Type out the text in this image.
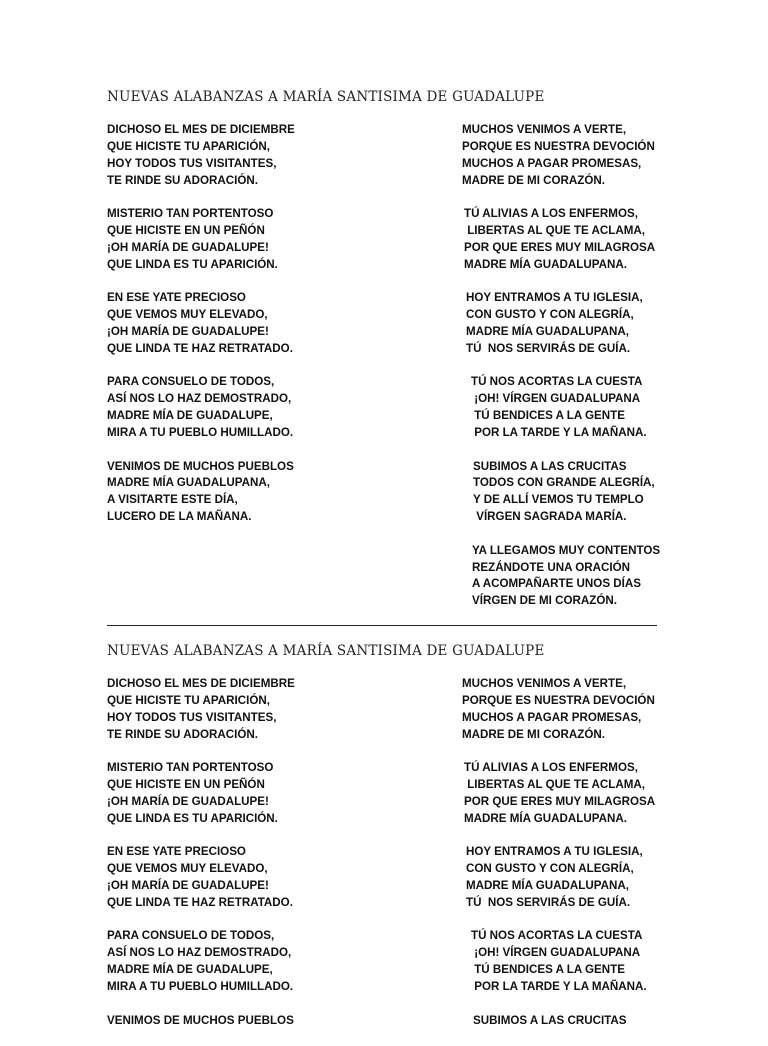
NUEVAS ALABANZAS A MARÍA SANTISIMA DE GUADALUPE
DICHOSO EL MES DE DICIEMBRE
QUE HICISTE TU APARICIÓN,
HOY TODOS TUS VISITANTES,
TE RINDE SU ADORACIÓN.
MISTERIO TAN PORTENTOSO
QUE HICISTE EN UN PEÑÓN
¡OH MARÍA DE GUADALUPE!
QUE LINDA ES TU APARICIÓN.
EN ESE YATE PRECIOSO
QUE VEMOS MUY ELEVADO,
¡OH MARÍA DE GUADALUPE!
QUE LINDA TE HAZ RETRATADO.
PARA CONSUELO DE TODOS,
ASÍ NOS LO HAZ DEMOSTRADO,
MADRE MÍA DE GUADALUPE,
MIRA A TU PUEBLO HUMILLADO.
VENIMOS DE MUCHOS PUEBLOS
MADRE MÍA GUADALUPANA,
A VISITARTE ESTE DÍA,
LUCERO DE LA MAÑANA.
MUCHOS VENIMOS A VERTE,
PORQUE ES NUESTRA DEVOCIÓN
MUCHOS A PAGAR PROMESAS,
MADRE DE MI CORAZÓN.
TÚ ALIVIAS A LOS ENFERMOS,
LIBERTAS AL QUE TE ACLAMA,
POR QUE ERES MUY MILAGROSA
MADRE MÍA GUADALUPANA.
HOY ENTRAMOS A TU IGLESIA,
CON GUSTO Y CON ALEGRÍA,
MADRE MÍA GUADALUPANA,
TÚ  NOS SERVIRÁS DE GUÍA.
TÚ NOS ACORTAS LA CUESTA
¡OH! VÍRGEN GUADALUPANA
TÚ BENDICES A LA GENTE
POR LA TARDE Y LA MAÑANA.
SUBIMOS A LAS CRUCITAS
TODOS CON GRANDE ALEGRÍA,
Y DE ALLÍ VEMOS TU TEMPLO
VÍRGEN SAGRADA MARÍA.
YA LLEGAMOS MUY CONTENTOS
REZÁNDOTE UNA ORACIÓN
A ACOMPAÑARTE UNOS DÍAS
VÍRGEN DE MI CORAZÓN.
NUEVAS ALABANZAS A MARÍA SANTISIMA DE GUADALUPE
DICHOSO EL MES DE DICIEMBRE
QUE HICISTE TU APARICIÓN,
HOY TODOS TUS VISITANTES,
TE RINDE SU ADORACIÓN.
MISTERIO TAN PORTENTOSO
QUE HICISTE EN UN PEÑÓN
¡OH MARÍA DE GUADALUPE!
QUE LINDA ES TU APARICIÓN.
EN ESE YATE PRECIOSO
QUE VEMOS MUY ELEVADO,
¡OH MARÍA DE GUADALUPE!
QUE LINDA TE HAZ RETRATADO.
PARA CONSUELO DE TODOS,
ASÍ NOS LO HAZ DEMOSTRADO,
MADRE MÍA DE GUADALUPE,
MIRA A TU PUEBLO HUMILLADO.
VENIMOS DE MUCHOS PUEBLOS
MUCHOS VENIMOS A VERTE,
PORQUE ES NUESTRA DEVOCIÓN
MUCHOS A PAGAR PROMESAS,
MADRE DE MI CORAZÓN.
TÚ ALIVIAS A LOS ENFERMOS,
LIBERTAS AL QUE TE ACLAMA,
POR QUE ERES MUY MILAGROSA
MADRE MÍA GUADALUPANA.
HOY ENTRAMOS A TU IGLESIA,
CON GUSTO Y CON ALEGRÍA,
MADRE MÍA GUADALUPANA,
TÚ  NOS SERVIRÁS DE GUÍA.
TÚ NOS ACORTAS LA CUESTA
¡OH! VÍRGEN GUADALUPANA
TÚ BENDICES A LA GENTE
POR LA TARDE Y LA MAÑANA.
SUBIMOS A LAS CRUCITAS
